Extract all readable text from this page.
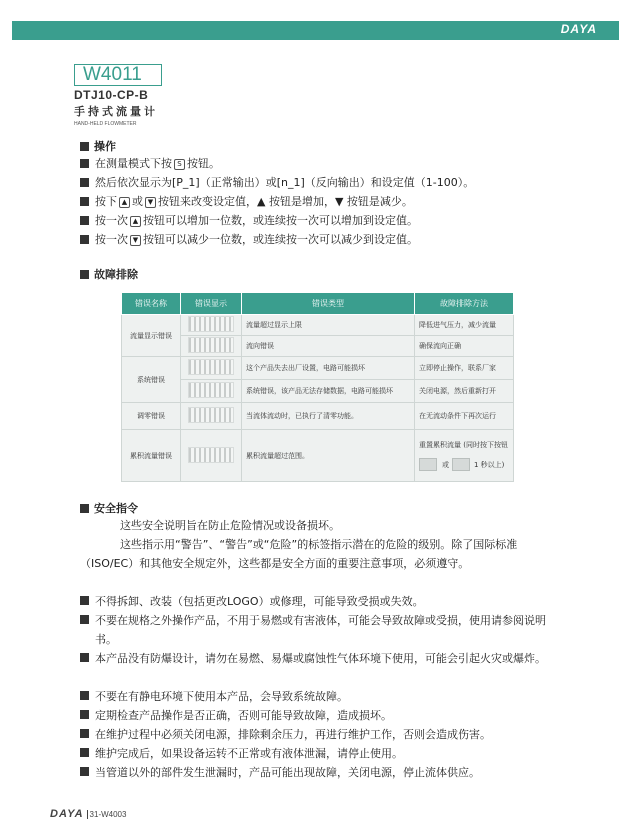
DAYA
W4011
DTJ10-CP-B
手持式流量计
HAND-HELD FLOWMETER
操作
在测量模式下按 S 按钮。
然后依次显示为[P_1]（正常输出）或[n_1]（反向输出）和设定值（1-100）。
按下 ▲ 或 ▼ 按钮来改变设定值，▲ 按钮是增加，▼ 按钮是减少。
按一次 ▲ 按钮可以增加一位数，或连续按一次可以增加到设定值。
按一次 ▼ 按钮可以减少一位数，或连续按一次可以减少到设定值。
故障排除
错误名称	错误显示	错误类型	故障排除方法
流量显示错误		流量超过显示上限	降低进气压力，减少流量
		流向错误	确保流向正确
系统错误		这个产品失去出厂设置，电路可能损坏	立即停止操作，联系厂家
		系统错误，该产品无法存储数据，电路可能损坏	关闭电源，然后重新打开
调零错误		当流体流动时，已执行了清零功能。	在无流动条件下再次运行
累积流量错误		累积流量超过范围。	重置累积流量 (同时按下按钮
或 1 秒以上)
安全指令
这些安全说明旨在防止危险情况或设备损坏。
这些指示用“警告”、“警告”或“危险”的标签指示潜在的危险的级别。除了国际标准（ISO/EC）和其他安全规定外，这些都是安全方面的重要注意事项，必须遵守。
不得拆卸、改装（包括更改LOGO）或修理，可能导致受损或失效。
不要在规格之外操作产品，不用于易燃或有害液体，可能会导致故障或受损，使用请参阅说明书。
本产品没有防爆设计，请勿在易燃、易爆或腐蚀性气体环境下使用，可能会引起火灾或爆炸。
不要在有静电环境下使用本产品，会导致系统故障。
定期检查产品操作是否正确，否则可能导致故障，造成损坏。
在维护过程中必须关闭电源，排除剩余压力，再进行维护工作，否则会造成伤害。
维护完成后，如果设备运转不正常或有液体泄漏，请停止使用。
当管道以外的部件发生泄漏时，产品可能出现故障，关闭电源，停止流体供应。
DAYA 31-W4003
